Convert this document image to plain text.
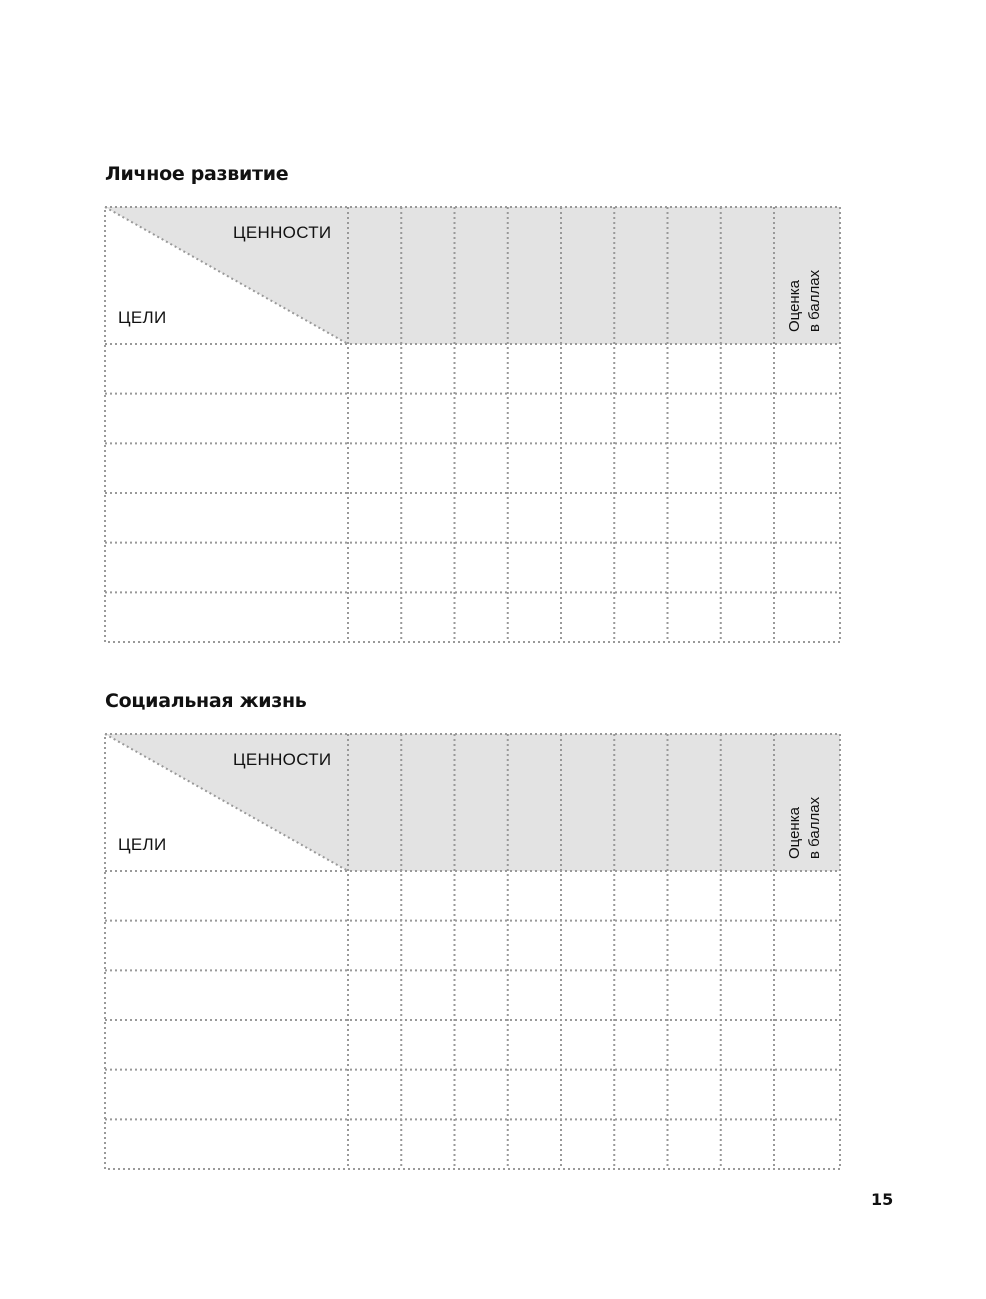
Личное развитие
ЦЕННОСТИ
ЦЕЛИ	Оценка в баллах
Социальная жизнь
ЦЕННОСТИ
ЦЕЛИ	Оценка в баллах
15
